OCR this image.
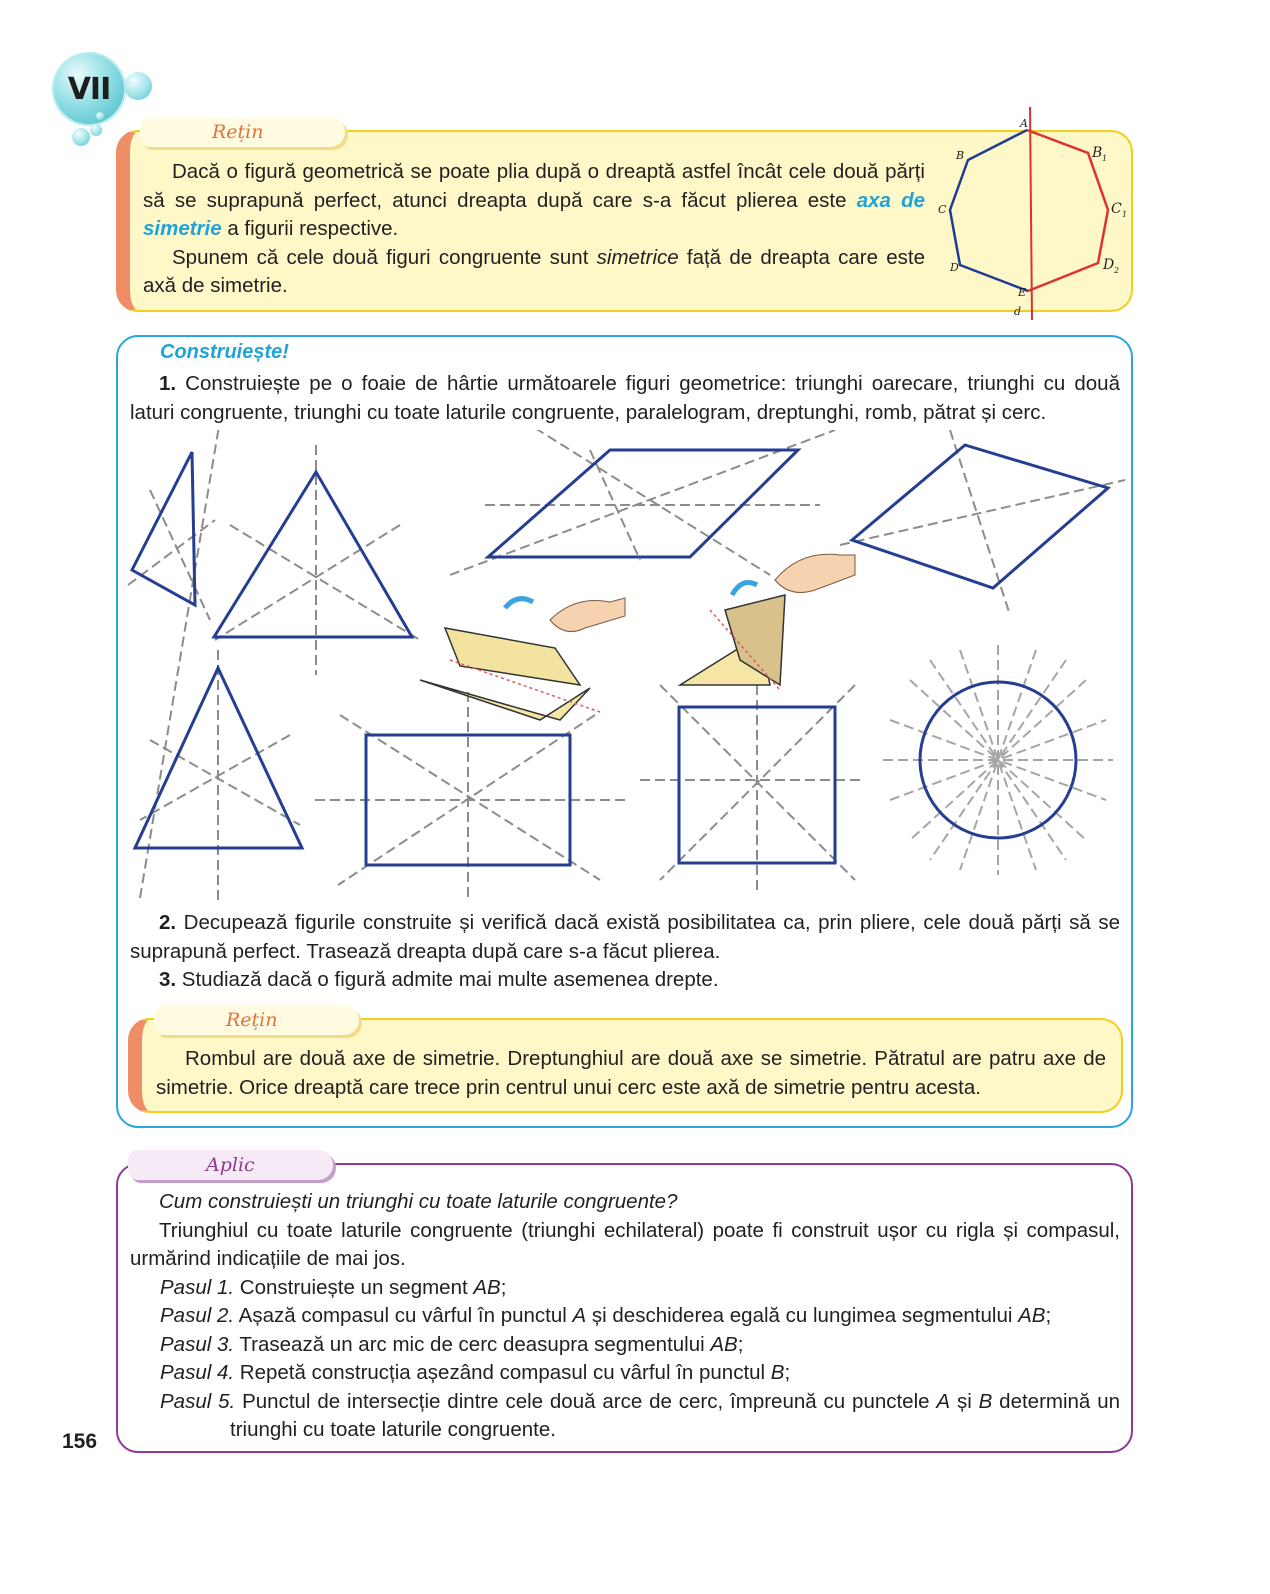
VII
Rețin

Dacă o figură geometrică se poate plia după o dreaptă astfel încât cele două părți să se suprapună perfect, atunci dreapta după care s-a făcut plierea este axa de simetrie a figurii respective.

Spunem că cele două figuri congruente sunt simetrice față de dreapta care este axă de simetrie.

A
B
C
D
E
d
B 1
C 1
D 2
Construiește!

1. Construiește pe o foaie de hârtie următoarele figuri geometrice: triunghi oarecare, triunghi cu două laturi congruente, triunghi cu toate laturile congruente, paralelogram, dreptunghi, romb, pătrat și cerc.

2. Decupează figurile construite și verifică dacă există posibilitatea ca, prin pliere, cele două părți să se suprapună perfect. Trasează dreapta după care s-a făcut plierea.

3. Studiază dacă o figură admite mai multe asemenea drepte.

Rețin

Rombul are două axe de simetrie. Dreptunghiul are două axe se simetrie. Pătratul are patru axe de simetrie. Orice dreaptă care trece prin centrul unui cerc este axă de simetrie pentru acesta.

Aplic

Cum construiești un triunghi cu toate laturile congruente?

Triunghiul cu toate laturile congruente (triunghi echilateral) poate fi construit ușor cu rigla și compasul, urmărind indicațiile de mai jos.

Pasul 1. Construiește un segment AB;

Pasul 2. Așază compasul cu vârful în punctul A și deschiderea egală cu lungimea segmentului AB;

Pasul 3. Trasează un arc mic de cerc deasupra segmentului AB;

Pasul 4. Repetă construcția așezând compasul cu vârful în punctul B;

Pasul 5. Punctul de intersecție dintre cele două arce de cerc, împreună cu punctele A și B determină un triunghi cu toate laturile congruente.

156
